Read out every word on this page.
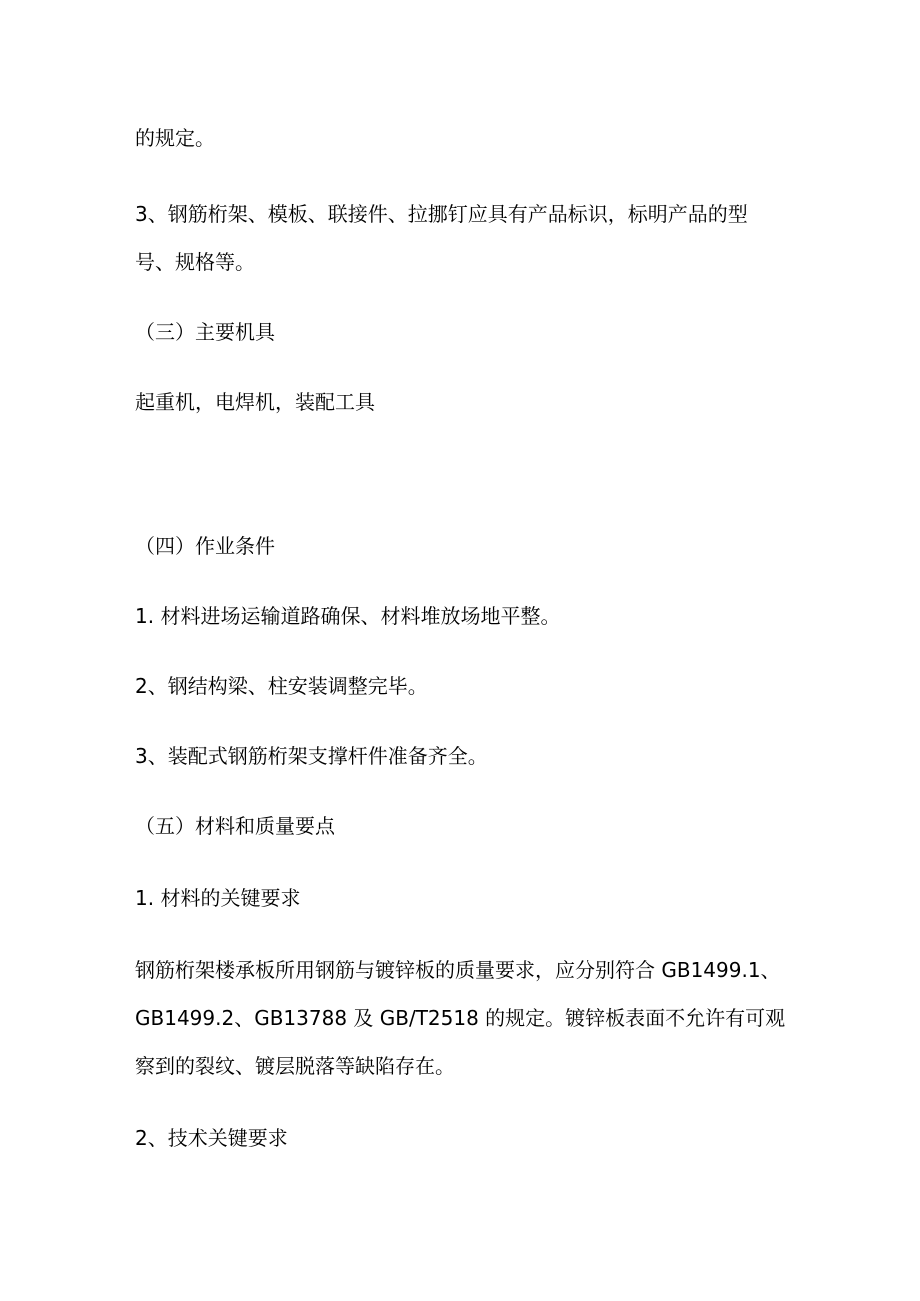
的规定。

3、钢筋桁架、模板、联接件、拉挪钉应具有产品标识，标明产品的型

号、规格等。

（三）主要机具

起重机，电焊机，装配工具

（四）作业条件

1. 材料进场运输道路确保、材料堆放场地平整。

2、钢结构梁、柱安装调整完毕。

3、装配式钢筋桁架支撑杆件准备齐全。

（五）材料和质量要点

1. 材料的关键要求

钢筋桁架楼承板所用钢筋与镀锌板的质量要求，应分别符合 GB1499.1、

GB1499.2、GB13788 及 GB/T2518 的规定。镀锌板表面不允许有可观

察到的裂纹、镀层脱落等缺陷存在。

2、技术关键要求
